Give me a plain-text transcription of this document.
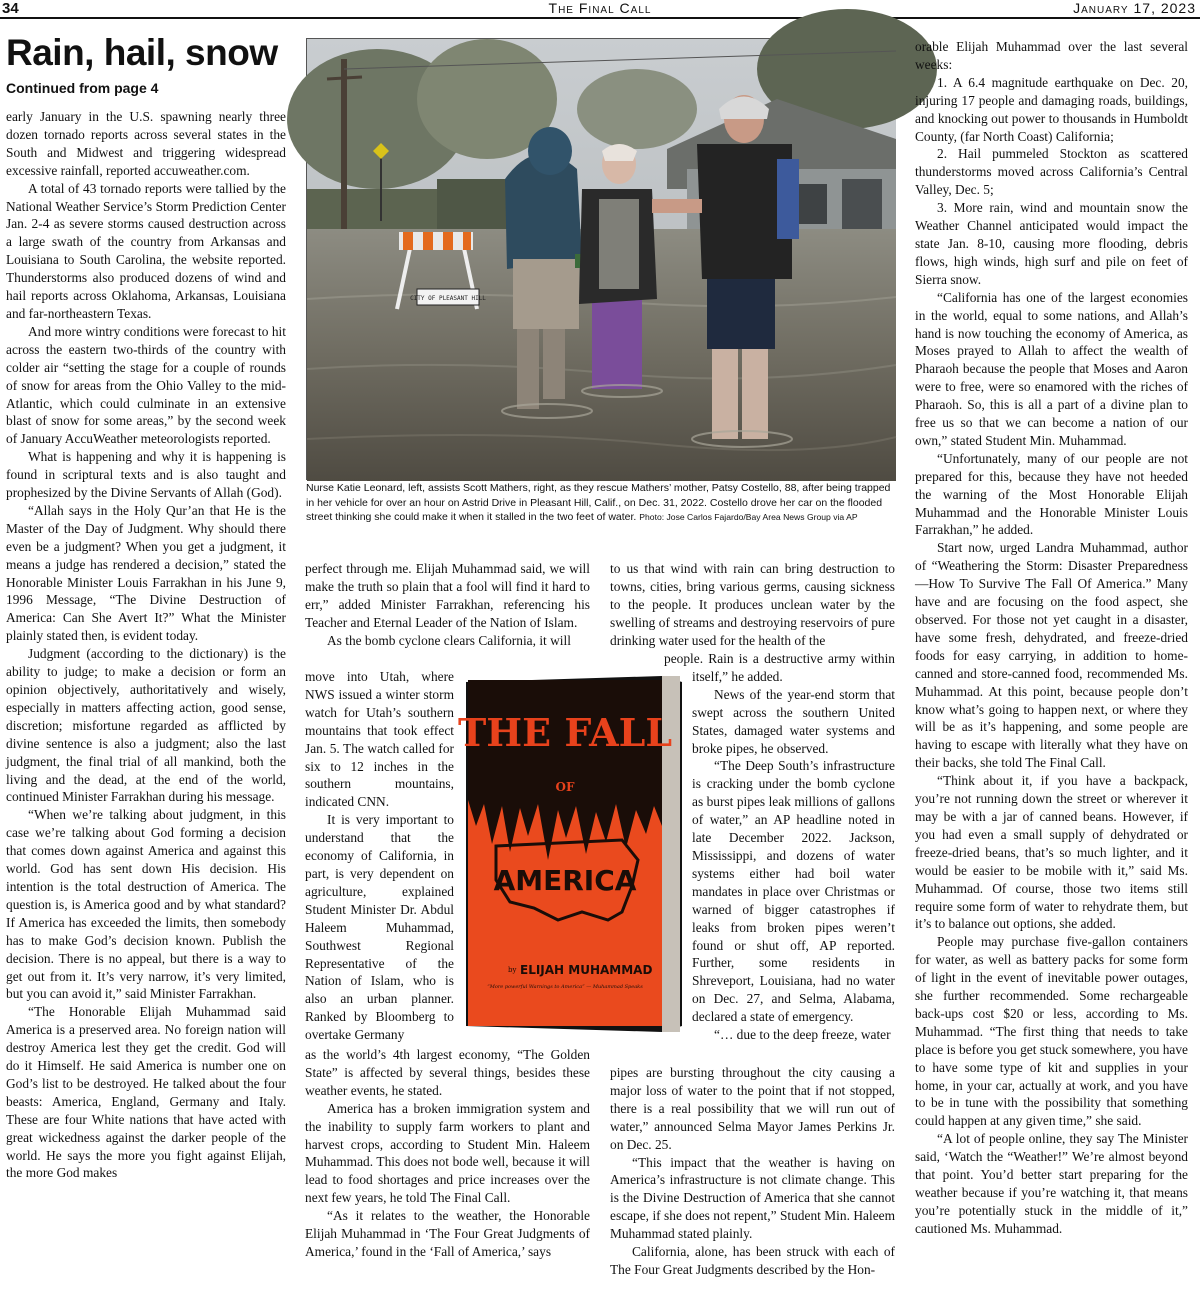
34	The Final Call	January 17, 2023
Rain, hail, snow
Continued from page 4

early January in the U.S. spawning nearly three dozen tornado reports across several states in the South and Midwest and triggering widespread excessive rainfall, reported accuweather.com.

A total of 43 tornado reports were tallied by the National Weather Service’s Storm Prediction Center Jan. 2-4 as severe storms caused destruction across a large swath of the country from Arkansas and Louisiana to South Carolina, the website reported. Thunderstorms also produced dozens of wind and hail reports across Oklahoma, Arkansas, Louisiana and far-northeastern Texas.

And more wintry conditions were forecast to hit across the eastern two-thirds of the country with colder air “setting the stage for a couple of rounds of snow for areas from the Ohio Valley to the mid-Atlantic, which could culminate in an extensive blast of snow for some areas,” by the second week of January AccuWeather meteorologists reported.

What is happening and why it is happening is found in scriptural texts and is also taught and prophesized by the Divine Servants of Allah (God).

“Allah says in the Holy Qur’an that He is the Master of the Day of Judgment. Why should there even be a judgment? When you get a judgment, it means a judge has rendered a decision,” stated the Honorable Minister Louis Farrakhan in his June 9, 1996 Message, “The Divine Destruction of America: Can She Avert It?” What the Minister plainly stated then, is evident today.

Judgment (according to the dictionary) is the ability to judge; to make a decision or form an opinion objectively, authoritatively and wisely, especially in matters affecting action, good sense, discretion; misfortune regarded as afflicted by divine sentence is also a judgment; also the last judgment, the final trial of all mankind, both the living and the dead, at the end of the world, continued Minister Farrakhan during his message.

“When we’re talking about judgment, in this case we’re talking about God forming a decision that comes down against America and against this world. God has sent down His decision. His intention is the total destruction of America. The question is, is America good and by what standard? If America has exceeded the limits, then somebody has to make God’s decision known. Publish the decision. There is no appeal, but there is a way to get out from it. It’s very narrow, it’s very limited, but you can avoid it,” said Minister Farrakhan.

“The Honorable Elijah Muhammad said America is a preserved area. No foreign nation will destroy America lest they get the credit. God will do it Himself. He said America is number one on God’s list to be destroyed. He talked about the four beasts: America, England, Germany and Italy. These are four White nations that have acted with great wickedness against the darker people of the world. He says the more you fight against Elijah, the more God makes

CITY OF PLEASANT HILL
Nurse Katie Leonard, left, assists Scott Mathers, right, as they rescue Mathers’ mother, Patsy Costello, 88, after being trapped in her vehicle for over an hour on Astrid Drive in Pleasant Hill, Calif., on Dec. 31, 2022. Costello drove her car on the flooded street thinking she could make it when it stalled in the two feet of water. Photo: Jose Carlos Fajardo/Bay Area News Group via AP

perfect through me. Elijah Muhammad said, we will make the truth so plain that a fool will find it hard to err,” added Minister Farrakhan, referencing his Teacher and Eternal Leader of the Nation of Islam.

As the bomb cyclone clears California, it will

move into Utah, where NWS issued a winter storm watch for Utah’s southern mountains that took effect Jan. 5. The watch called for six to 12 inches in the southern mountains, indicated CNN.

It is very important to understand that the economy of California, in part, is very dependent on agriculture, explained Student Minister Dr. Abdul Haleem Muhammad, Southwest Regional Representative of the Nation of Islam, who is also an urban planner. Ranked by Bloomberg to overtake Germany

as the world’s 4th largest economy, “The Golden State” is affected by several things, besides these weather events, he stated.

America has a broken immigration system and the inability to supply farm workers to plant and harvest crops, according to Student Min. Haleem Muhammad. This does not bode well, because it will lead to food shortages and price increases over the next few years, he told The Final Call.

“As it relates to the weather, the Honorable Elijah Muhammad in ‘The Four Great Judgments of America,’ found in the ‘Fall of America,’ says

to us that wind with rain can bring destruction to towns, cities, bring various germs, causing sickness to the people. It produces unclean water by the swelling of streams and destroying reservoirs of pure drinking water used for the health of the

people. Rain is a destructive army within itself,” he added.

News of the year-end storm that swept across the southern United States, damaged water systems and broke pipes, he observed.

“The Deep South’s infrastructure is cracking under the bomb cyclone as burst pipes leak millions of gallons of water,” an AP headline noted in late December 2022. Jackson, Mississippi, and dozens of water systems either had boil water mandates in place over Christmas or warned of bigger catastrophes if leaks from broken pipes weren’t found or shut off, AP reported. Further, some residents in Shreveport, Louisiana, had no water on Dec. 27, and Selma, Alabama, declared a state of emergency.

“… due to the deep freeze, water

pipes are bursting throughout the city causing a major loss of water to the point that if not stopped, there is a real possibility that we will run out of water,” announced Selma Mayor James Perkins Jr. on Dec. 25.

“This impact that the weather is having on America’s infrastructure is not climate change. This is the Divine Destruction of America that she cannot escape, if she does not repent,” Student Min. Haleem Muhammad stated plainly.

California, alone, has been struck with each of The Four Great Judgments described by the Hon-

THE FALL
OF
AMERICA
by ELIJAH MUHAMMAD
“More powerful Warnings to America” — Muhammad Speaks

orable Elijah Muhammad over the last several weeks:

1. A 6.4 magnitude earthquake on Dec. 20, injuring 17 people and damaging roads, buildings, and knocking out power to thousands in Humboldt County, (far North Coast) California;

2. Hail pummeled Stockton as scattered thunderstorms moved across California’s Central Valley, Dec. 5;

3. More rain, wind and mountain snow the Weather Channel anticipated would impact the state Jan. 8-10, causing more flooding, debris flows, high winds, high surf and pile on feet of Sierra snow.

“California has one of the largest economies in the world, equal to some nations, and Allah’s hand is now touching the economy of America, as Moses prayed to Allah to affect the wealth of Pharaoh because the people that Moses and Aaron were to free, were so enamored with the riches of Pharaoh. So, this is all a part of a divine plan to free us so that we can become a nation of our own,” stated Student Min. Muhammad.

“Unfortunately, many of our people are not prepared for this, because they have not heeded the warning of the Most Honorable Elijah Muhammad and the Honorable Minister Louis Farrakhan,” he added.

Start now, urged Landra Muhammad, author of “Weathering the Storm: Disaster Preparedness—How To Survive The Fall Of America.” Many have and are focusing on the food aspect, she observed. For those not yet caught in a disaster, have some fresh, dehydrated, and freeze-dried foods for easy carrying, in addition to home-canned and store-canned food, recommended Ms. Muhammad. At this point, because people don’t know what’s going to happen next, or where they will be as it’s happening, and some people are having to escape with literally what they have on their backs, she told The Final Call.

“Think about it, if you have a backpack, you’re not running down the street or wherever it may be with a jar of canned beans. However, if you had even a small supply of dehydrated or freeze-dried beans, that’s so much lighter, and it would be easier to be mobile with it,” said Ms. Muhammad. Of course, those two items still require some form of water to rehydrate them, but it’s to balance out options, she added.

People may purchase five-gallon containers for water, as well as battery packs for some form of light in the event of inevitable power outages, she further recommended. Some rechargeable back-ups cost $20 or less, according to Ms. Muhammad. “The first thing that needs to take place is before you get stuck somewhere, you have to have some type of kit and supplies in your home, in your car, actually at work, and you have to be in tune with the possibility that something could happen at any given time,” she said.

“A lot of people online, they say The Minister said, ‘Watch the “Weather!” We’re almost beyond that point. You’d better start preparing for the weather because if you’re watching it, that means you’re potentially stuck in the middle of it,” cautioned Ms. Muhammad.
